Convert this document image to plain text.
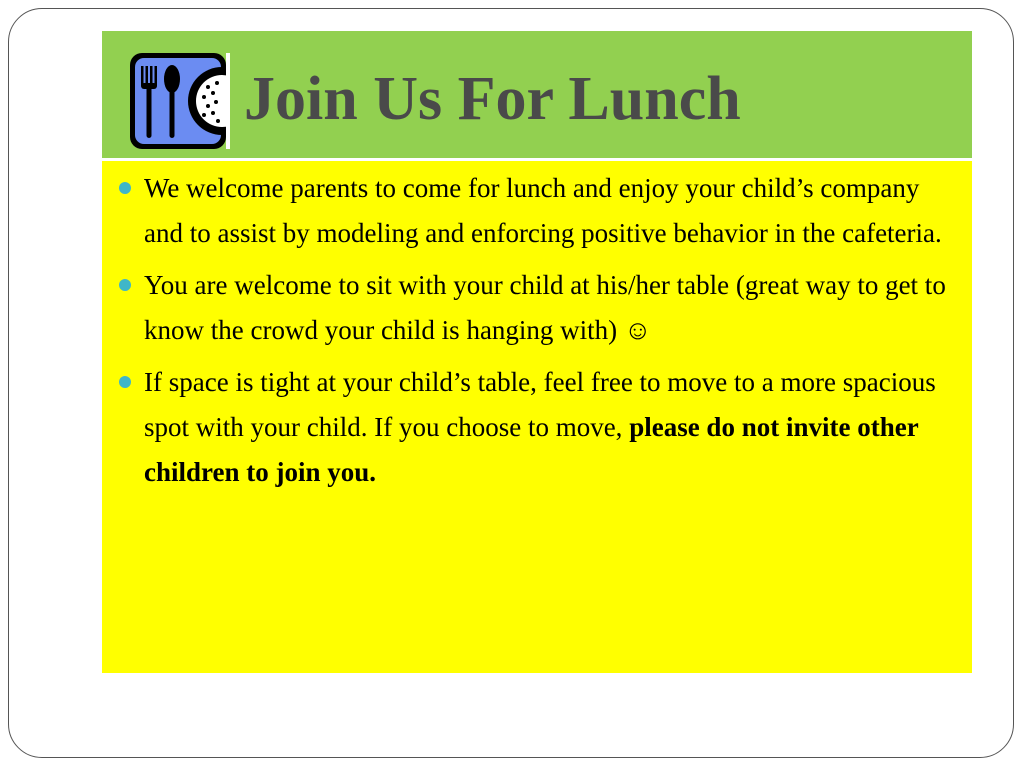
Join Us For Lunch
We welcome parents to come for lunch and enjoy your child’s company and to assist by modeling and enforcing positive behavior in the cafeteria.
You are welcome to sit with your child at his/her table (great way to get to know the crowd your child is hanging with) ☺
If space is tight at your child’s table, feel free to move to a more spacious spot with your child. If you choose to move, please do not invite other children to join you.
